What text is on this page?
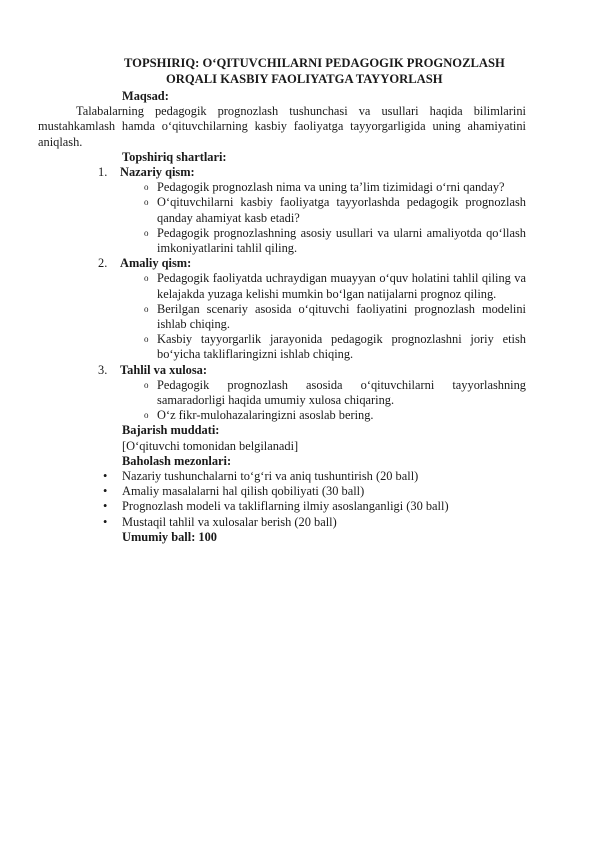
TOPSHIRIQ: O‘QITUVCHILARNI PEDAGOGIK PROGNOZLASH
ORQALI KASBIY FAOLIYATGA TAYYORLASH
Maqsad:
Talabalarning pedagogik prognozlash tushunchasi va usullari haqida bilimlarini mustahkamlash hamda o‘qituvchilarning kasbiy faoliyatga tayyorgarligida uning ahamiyatini aniqlash.
Topshiriq shartlari:
1. Nazariy qism:
o Pedagogik prognozlash nima va uning ta’lim tizimidagi o‘rni qanday?
o O‘qituvchilarni kasbiy faoliyatga tayyorlashda pedagogik prognozlash qanday ahamiyat kasb etadi?
o Pedagogik prognozlashning asosiy usullari va ularni amaliyotda qo‘llash imkoniyatlarini tahlil qiling.
2. Amaliy qism:
o Pedagogik faoliyatda uchraydigan muayyan o‘quv holatini tahlil qiling va kelajakda yuzaga kelishi mumkin bo‘lgan natijalarni prognoz qiling.
o Berilgan scenariy asosida o‘qituvchi faoliyatini prognozlash modelini ishlab chiqing.
o Kasbiy tayyorgarlik jarayonida pedagogik prognozlashni joriy etish bo‘yicha takliflaringizni ishlab chiqing.
3. Tahlil va xulosa:
o Pedagogik prognozlash asosida o‘qituvchilarni tayyorlashning samaradorligi haqida umumiy xulosa chiqaring.
o O‘z fikr-mulohazalaringizni asoslab bering.
Bajarish muddati:
[O‘qituvchi tomonidan belgilanadi]
Baholash mezonlari:
• Nazariy tushunchalarni to‘g‘ri va aniq tushuntirish (20 ball)
• Amaliy masalalarni hal qilish qobiliyati (30 ball)
• Prognozlash modeli va takliflarning ilmiy asoslanganligi (30 ball)
• Mustaqil tahlil va xulosalar berish (20 ball)
Umumiy ball: 100
